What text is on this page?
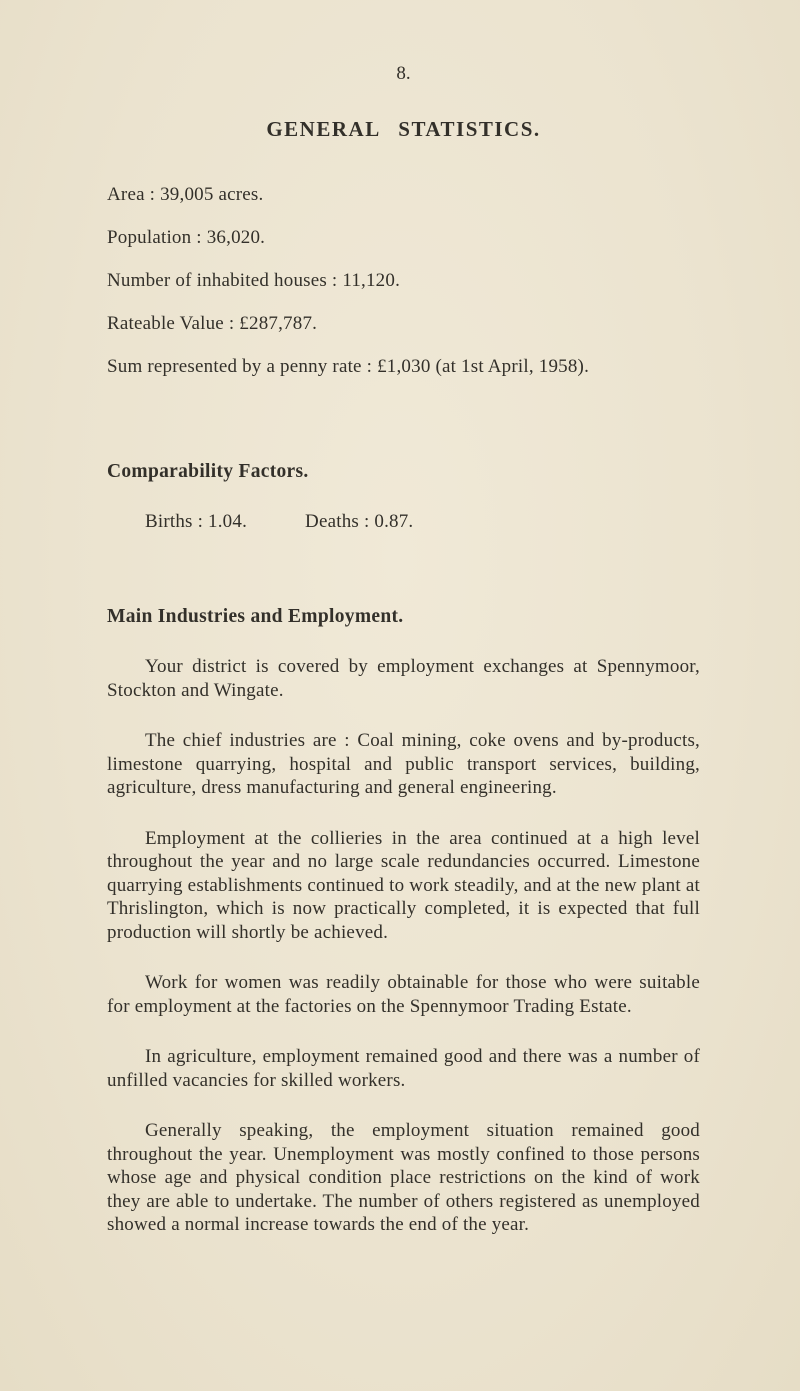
8.
GENERAL STATISTICS.

Area : 39,005 acres.

Population : 36,020.

Number of inhabited houses : 11,120.

Rateable Value : £287,787.

Sum represented by a penny rate : £1,030 (at 1st April, 1958).

Comparability Factors.

Births : 1.04.	Deaths : 0.87.

Main Industries and Employment.

Your district is covered by employment exchanges at Spennymoor, Stockton and Wingate.

The chief industries are : Coal mining, coke ovens and by-products, limestone quarrying, hospital and public transport services, building, agriculture, dress manufacturing and general engineering.

Employment at the collieries in the area continued at a high level throughout the year and no large scale redundancies occurred. Limestone quarrying establishments continued to work steadily, and at the new plant at Thrislington, which is now practically completed, it is expected that full production will shortly be achieved.

Work for women was readily obtainable for those who were suitable for employment at the factories on the Spennymoor Trading Estate.

In agriculture, employment remained good and there was a number of unfilled vacancies for skilled workers.

Generally speaking, the employment situation remained good throughout the year. Unemployment was mostly confined to those persons whose age and physical condition place restrictions on the kind of work they are able to undertake. The number of others registered as unemployed showed a normal increase towards the end of the year.
